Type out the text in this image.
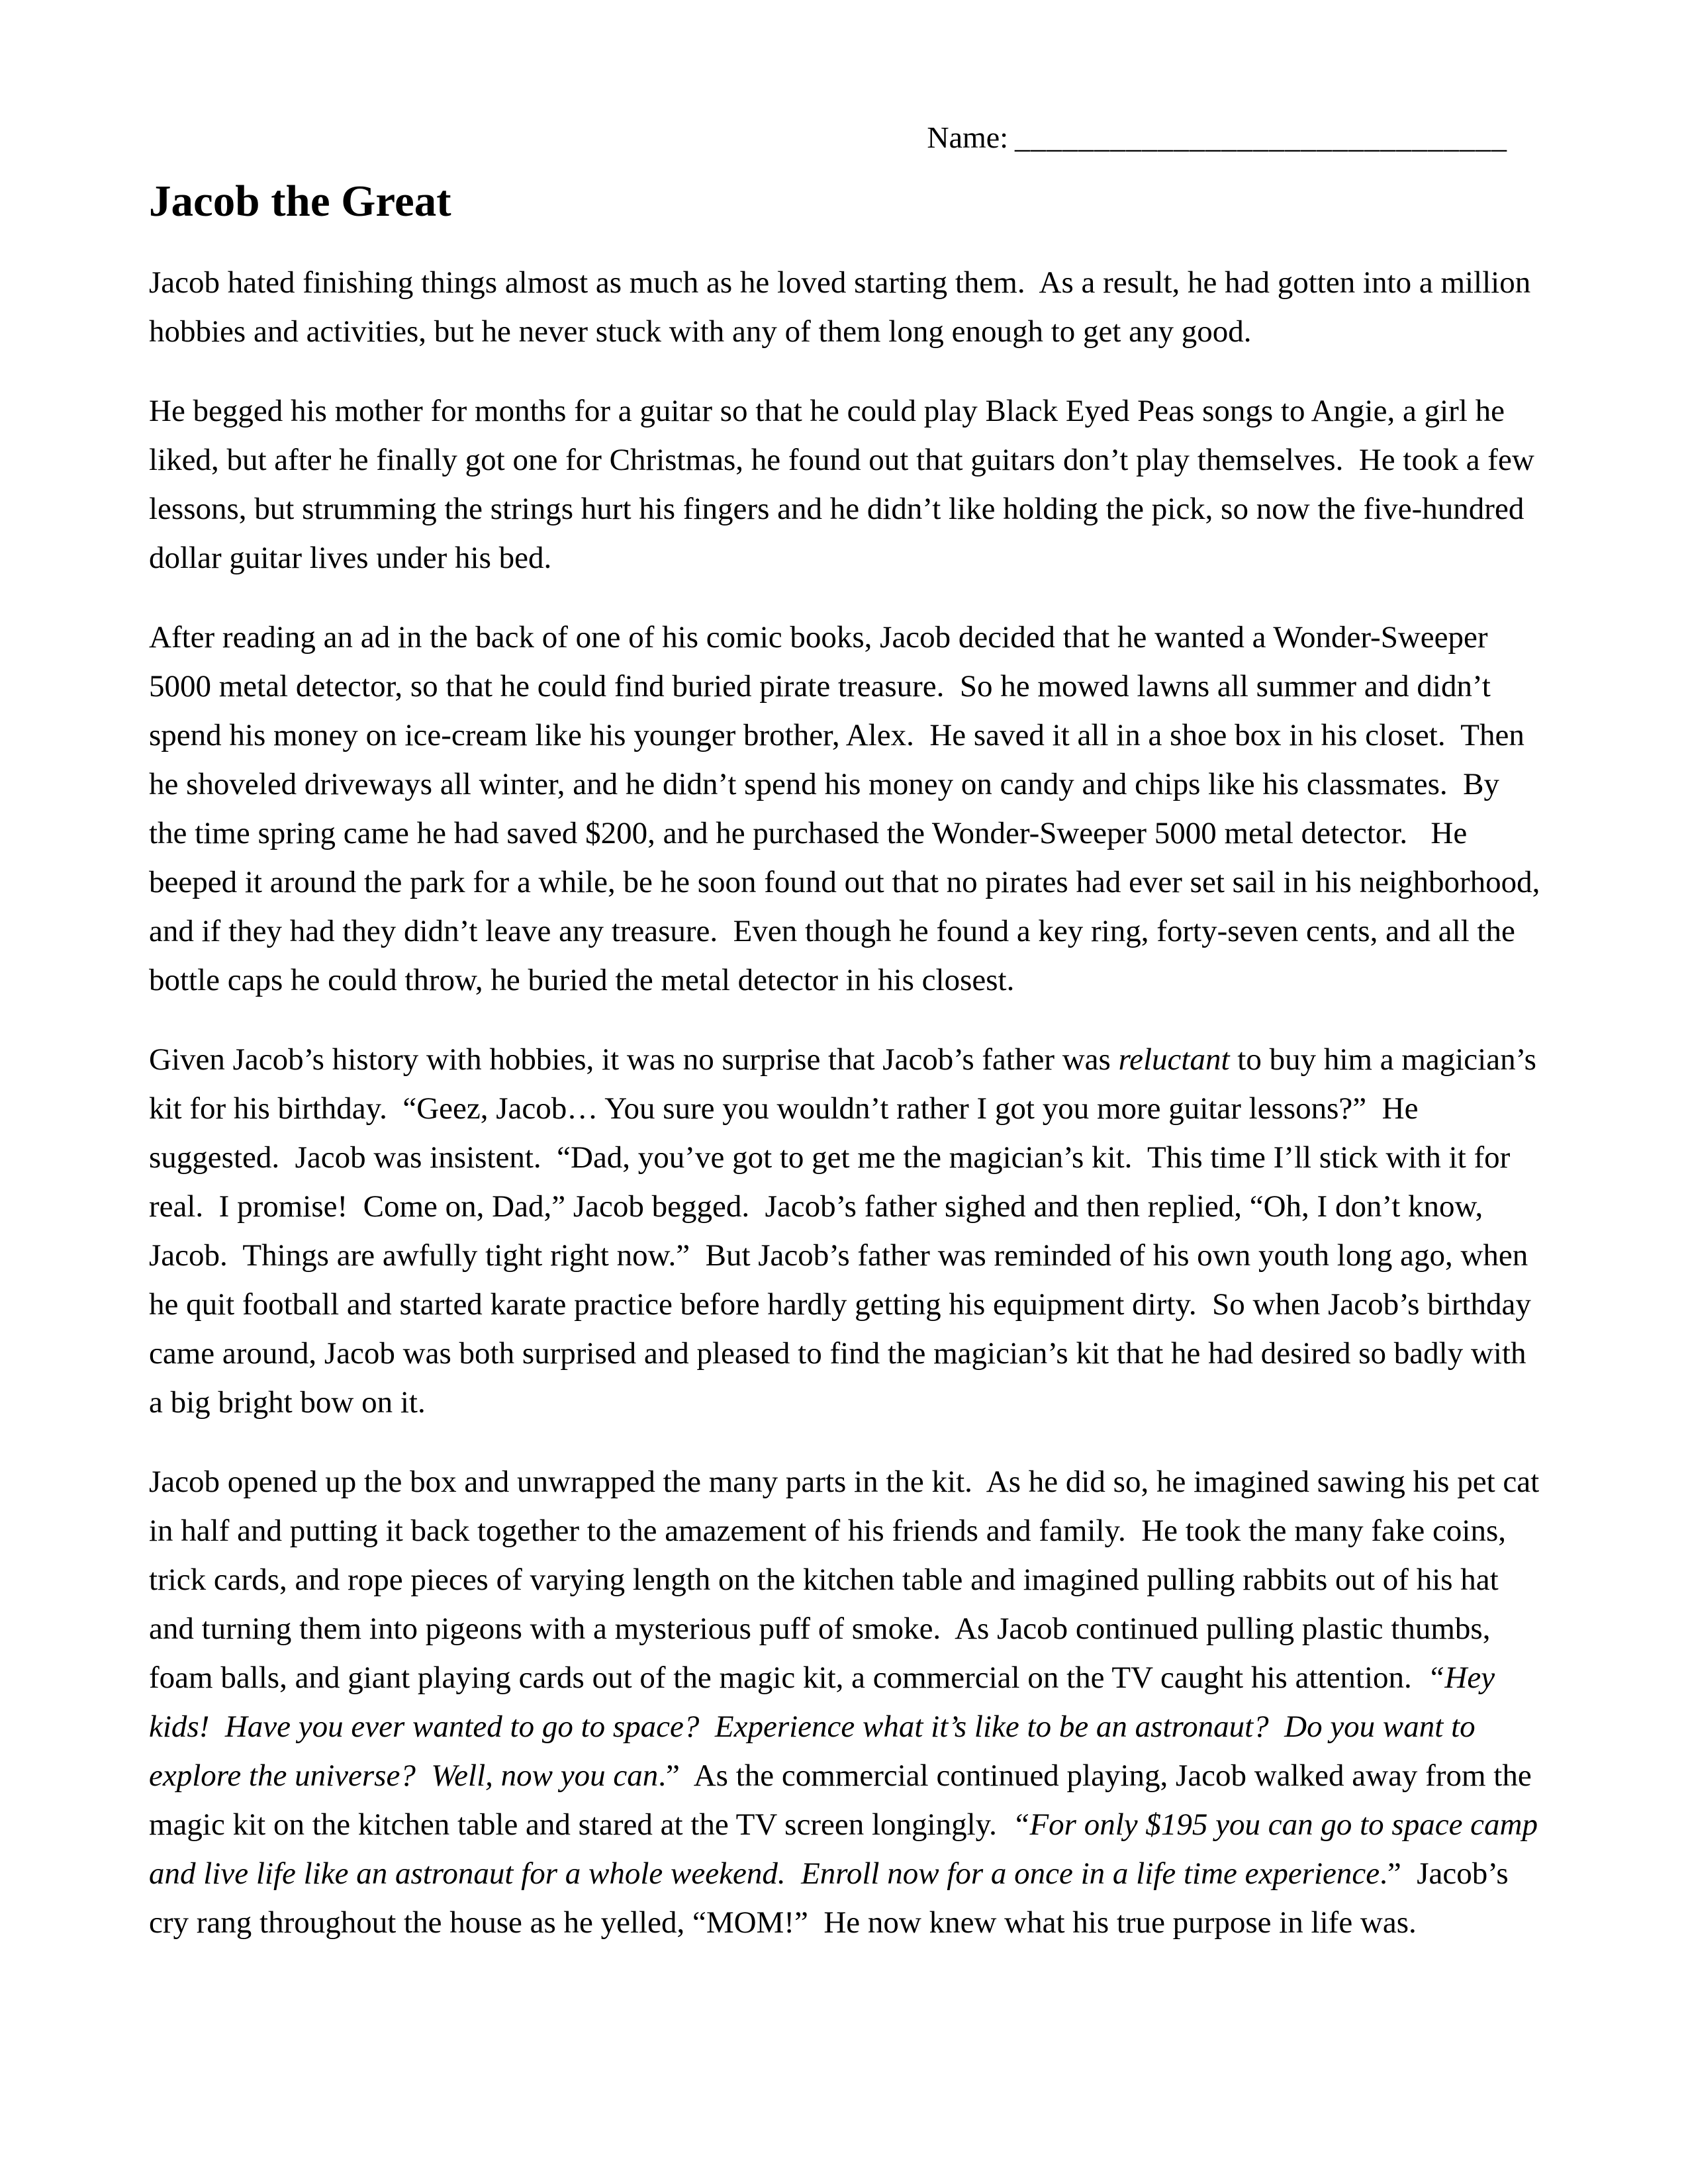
Name: _______________________________
Jacob the Great

Jacob hated finishing things almost as much as he loved starting them.  As a result, he had gotten into a million hobbies and activities, but he never stuck with any of them long enough to get any good.

He begged his mother for months for a guitar so that he could play Black Eyed Peas songs to Angie, a girl he liked, but after he finally got one for Christmas, he found out that guitars don’t play themselves.  He took a few lessons, but strumming the strings hurt his fingers and he didn’t like holding the pick, so now the five-hundred dollar guitar lives under his bed.

After reading an ad in the back of one of his comic books, Jacob decided that he wanted a Wonder-Sweeper 5000 metal detector, so that he could find buried pirate treasure.  So he mowed lawns all summer and didn’t spend his money on ice-cream like his younger brother, Alex.  He saved it all in a shoe box in his closet.  Then he shoveled driveways all winter, and he didn’t spend his money on candy and chips like his classmates.  By the time spring came he had saved $200, and he purchased the Wonder-Sweeper 5000 metal detector.   He beeped it around the park for a while, be he soon found out that no pirates had ever set sail in his neighborhood, and if they had they didn’t leave any treasure.  Even though he found a key ring, forty-seven cents, and all the bottle caps he could throw, he buried the metal detector in his closest.

Given Jacob’s history with hobbies, it was no surprise that Jacob’s father was reluctant to buy him a magician’s kit for his birthday.  “Geez, Jacob… You sure you wouldn’t rather I got you more guitar lessons?”  He suggested.  Jacob was insistent.  “Dad, you’ve got to get me the magician’s kit.  This time I’ll stick with it for real.  I promise!  Come on, Dad,” Jacob begged.  Jacob’s father sighed and then replied, “Oh, I don’t know, Jacob.  Things are awfully tight right now.”  But Jacob’s father was reminded of his own youth long ago, when he quit football and started karate practice before hardly getting his equipment dirty.  So when Jacob’s birthday came around, Jacob was both surprised and pleased to find the magician’s kit that he had desired so badly with a big bright bow on it.

Jacob opened up the box and unwrapped the many parts in the kit.  As he did so, he imagined sawing his pet cat in half and putting it back together to the amazement of his friends and family.  He took the many fake coins, trick cards, and rope pieces of varying length on the kitchen table and imagined pulling rabbits out of his hat and turning them into pigeons with a mysterious puff of smoke.  As Jacob continued pulling plastic thumbs, foam balls, and giant playing cards out of the magic kit, a commercial on the TV caught his attention.  “Hey kids!  Have you ever wanted to go to space?  Experience what it’s like to be an astronaut?  Do you want to explore the universe?  Well, now you can.”  As the commercial continued playing, Jacob walked away from the magic kit on the kitchen table and stared at the TV screen longingly.  “For only $195 you can go to space camp and live life like an astronaut for a whole weekend.  Enroll now for a once in a life time experience.”  Jacob’s cry rang throughout the house as he yelled, “MOM!”  He now knew what his true purpose in life was.
